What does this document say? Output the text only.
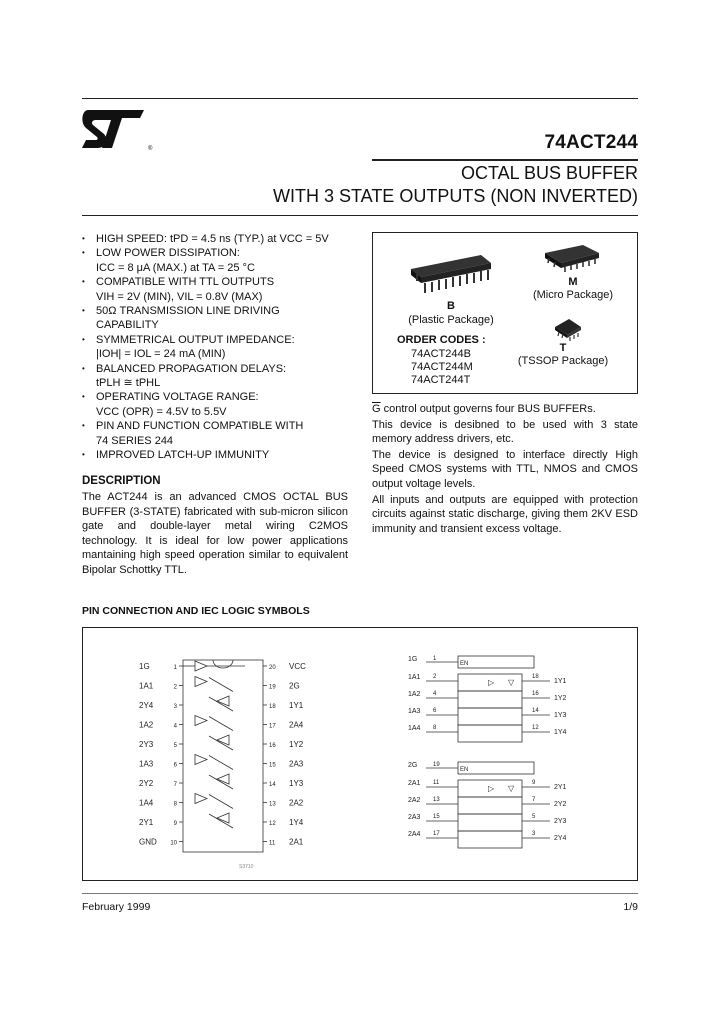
®	74ACT244
OCTAL BUS BUFFER
WITH 3 STATE OUTPUTS (NON INVERTED)
• HIGH SPEED: tPD = 4.5 ns (TYP.) at VCC = 5V
• LOW POWER DISSIPATION:
ICC = 8 μA (MAX.) at TA = 25 °C
• COMPATIBLE WITH TTL OUTPUTS
VIH = 2V (MIN), VIL = 0.8V (MAX)
• 50Ω TRANSMISSION LINE DRIVING
CAPABILITY
• SYMMETRICAL OUTPUT IMPEDANCE:
|IOH| = IOL = 24 mA (MIN)
• BALANCED PROPAGATION DELAYS:
tPLH ≅ tPHL
• OPERATING VOLTAGE RANGE:
VCC (OPR) = 4.5V to 5.5V
• PIN AND FUNCTION COMPATIBLE WITH
74 SERIES 244
• IMPROVED LATCH-UP IMMUNITY
DESCRIPTION
The ACT244 is an advanced CMOS OCTAL BUS BUFFER (3-STATE) fabricated with sub-micron silicon gate and double-layer metal wiring C2MOS technology. It is ideal for low power applications mantaining high speed operation similar to equivalent Bipolar Schottky TTL.
B
(Plastic Package)
M
(Micro Package)
T
(TSSOP Package)
ORDER CODES :
74ACT244B
74ACT244M
74ACT244T

$\overline{G}$ control output governs four BUS BUFFERs.

This device is desibned to be used with 3 state memory address drivers, etc.

The device is designed to interface directly High Speed CMOS systems with TTL, NMOS and CMOS output voltage levels.

All inputs and outputs are equipped with protection circuits against static discharge, giving them 2KV ESD immunity and transient excess voltage.

PIN CONNECTION AND IEC LOGIC SYMBOLS
1G	1
1A1	2
2Y4	3
1A2	4
2Y3	5
1A3	6
2Y2	7
1A4	8
2Y1	9
GND 10
20 VCC
19 2G
18 1Y1
17 2A4
16 1Y2
15 2A3
14 1Y3
13 2A2
12 1Y4
11 2A1
S3710
1G	1
EN
1A1 2	18
1Y1
1A2 4	16
1Y2
1A3 6	14
1Y3
1A4 8	12
1Y4
▷ ▽
2G	19
EN
2A1 11	9
2Y1
2A2 13	7
2Y2
2A3 15	5
2Y3
2A4 17	3
2Y4
▷ ▽
February 1999	1/9
